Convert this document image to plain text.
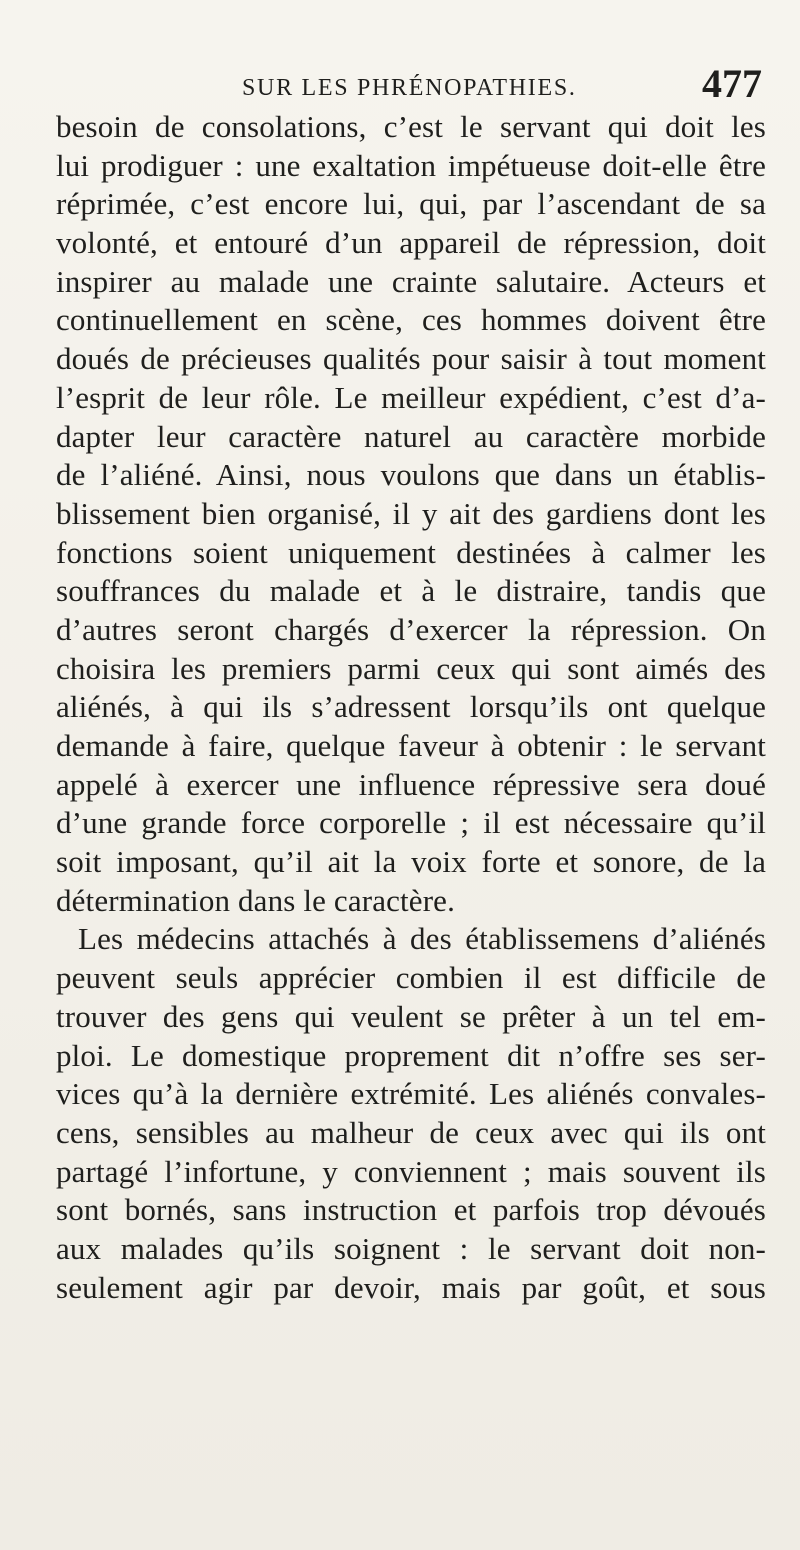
SUR LES PHRÉNOPATHIES.	477
besoin de consolations, c’est le servant qui doit les
lui prodiguer : une exaltation impétueuse doit-elle être
réprimée, c’est encore lui, qui, par l’ascendant de sa
volonté, et entouré d’un appareil de répression, doit
inspirer au malade une crainte salutaire. Acteurs et
continuellement en scène, ces hommes doivent être
doués de précieuses qualités pour saisir à tout moment
l’esprit de leur rôle. Le meilleur expédient, c’est d’a-
dapter leur caractère naturel au caractère morbide
de l’aliéné. Ainsi, nous voulons que dans un établis-
blissement bien organisé, il y ait des gardiens dont les
fonctions soient uniquement destinées à calmer les
souffrances du malade et à le distraire, tandis que
d’autres seront chargés d’exercer la répression. On
choisira les premiers parmi ceux qui sont aimés des
aliénés, à qui ils s’adressent lorsqu’ils ont quelque
demande à faire, quelque faveur à obtenir : le servant
appelé à exercer une influence répressive sera doué
d’une grande force corporelle ; il est nécessaire qu’il
soit imposant, qu’il ait la voix forte et sonore, de la
détermination dans le caractère.
Les médecins attachés à des établissemens d’aliénés
peuvent seuls apprécier combien il est difficile de
trouver des gens qui veulent se prêter à un tel em-
ploi. Le domestique proprement dit n’offre ses ser-
vices qu’à la dernière extrémité. Les aliénés convales-
cens, sensibles au malheur de ceux avec qui ils ont
partagé l’infortune, y conviennent ; mais souvent ils
sont bornés, sans instruction et parfois trop dévoués
aux malades qu’ils soignent : le servant doit non-
seulement agir par devoir, mais par goût, et sous
